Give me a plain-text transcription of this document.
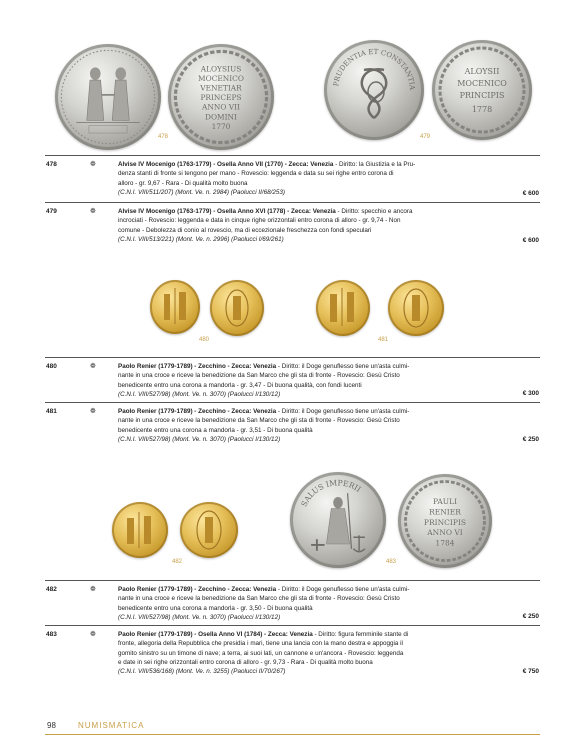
ALOYSIUS
MOCENICO
VENETIAR
PRINCEPS
ANNO VII
DOMINI
1770
478
PRUDENTIA ET CONSTANTIA
ALOYSII
MOCENICO
PRINCIPIS
1778
479
480	481
482
SALUS IMPERII
PAULI
RENIER
PRINCIPIS
ANNO VI
1784
483
478	❁	Alvise IV Mocenigo (1763-1779) - Osella Anno VII (1770) - Zecca: Venezia - Diritto: la Giustizia e la Pru-
denza stanti di fronte si tengono per mano - Rovescio: leggenda e data su sei righe entro corona di
alloro - gr. 9,67 - Rara - Di qualità molto buona
(C.N.I. VIII/511/207) (Mont. Ve. n. 2984) (Paolucci II/68/253)	€ 600
479	❁	Alvise IV Mocenigo (1763-1779) - Osella Anno XVI (1778) - Zecca: Venezia - Diritto: specchio e ancora
incrociati - Rovescio: leggenda e data in cinque righe orizzontali entro corona di alloro - gr. 9,74 - Non
comune - Debolezza di conio al rovescio, ma di eccezionale freschezza con fondi speculari
(C.N.I. VIII/513/221) (Mont. Ve. n. 2996) (Paolucci I/69/261)	€ 600
480	❁	Paolo Renier (1779-1789) - Zecchino - Zecca: Venezia - Diritto: il Doge genuflesso tiene un'asta culmi-
nante in una croce e riceve la benedizione da San Marco che gli sta di fronte - Rovescio: Gesù Cristo
benedicente entro una corona a mandorla - gr. 3,47 - Di buona qualità, con fondi lucenti
(C.N.I. VIII/527/98) (Mont. Ve. n. 3070) (Paolucci I/130/12)	€ 300
481	❁	Paolo Renier (1779-1789) - Zecchino - Zecca: Venezia - Diritto: il Doge genuflesso tiene un'asta culmi-
nante in una croce e riceve la benedizione da San Marco che gli sta di fronte - Rovescio: Gesù Cristo
benedicente entro una corona a mandorla - gr. 3,51 - Di buona qualità
(C.N.I. VIII/527/98) (Mont. Ve. n. 3070) (Paolucci I/130/12)	€ 250
482	❁	Paolo Renier (1779-1789) - Zecchino - Zecca: Venezia - Diritto: il Doge genuflesso tiene un'asta culmi-
nante in una croce e riceve la benedizione da San Marco che gli sta di fronte - Rovescio: Gesù Cristo
benedicente entro una corona a mandorla - gr. 3,50 - Di buona qualità
(C.N.I. VIII/527/98) (Mont. Ve. n. 3070) (Paolucci I/130/12)	€ 250
483	❁	Paolo Renier (1779-1789) - Osella Anno VI (1784) - Zecca: Venezia - Diritto: figura femminile stante di
fronte, allegoria della Repubblica che presidia i mari, tiene una lancia con la mano destra e appoggia il
gomito sinistro su un timone di nave; a terra, ai suoi lati, un cannone e un'ancora - Rovescio: leggenda
e date in sei righe orizzontali entro corona di alloro - gr. 9,73 - Rara - Di qualità molto buona
(C.N.I. VIII/536/168) (Mont. Ve. n. 3255) (Paolucci II/70/267)	€ 750
98	NUMISMATICA
